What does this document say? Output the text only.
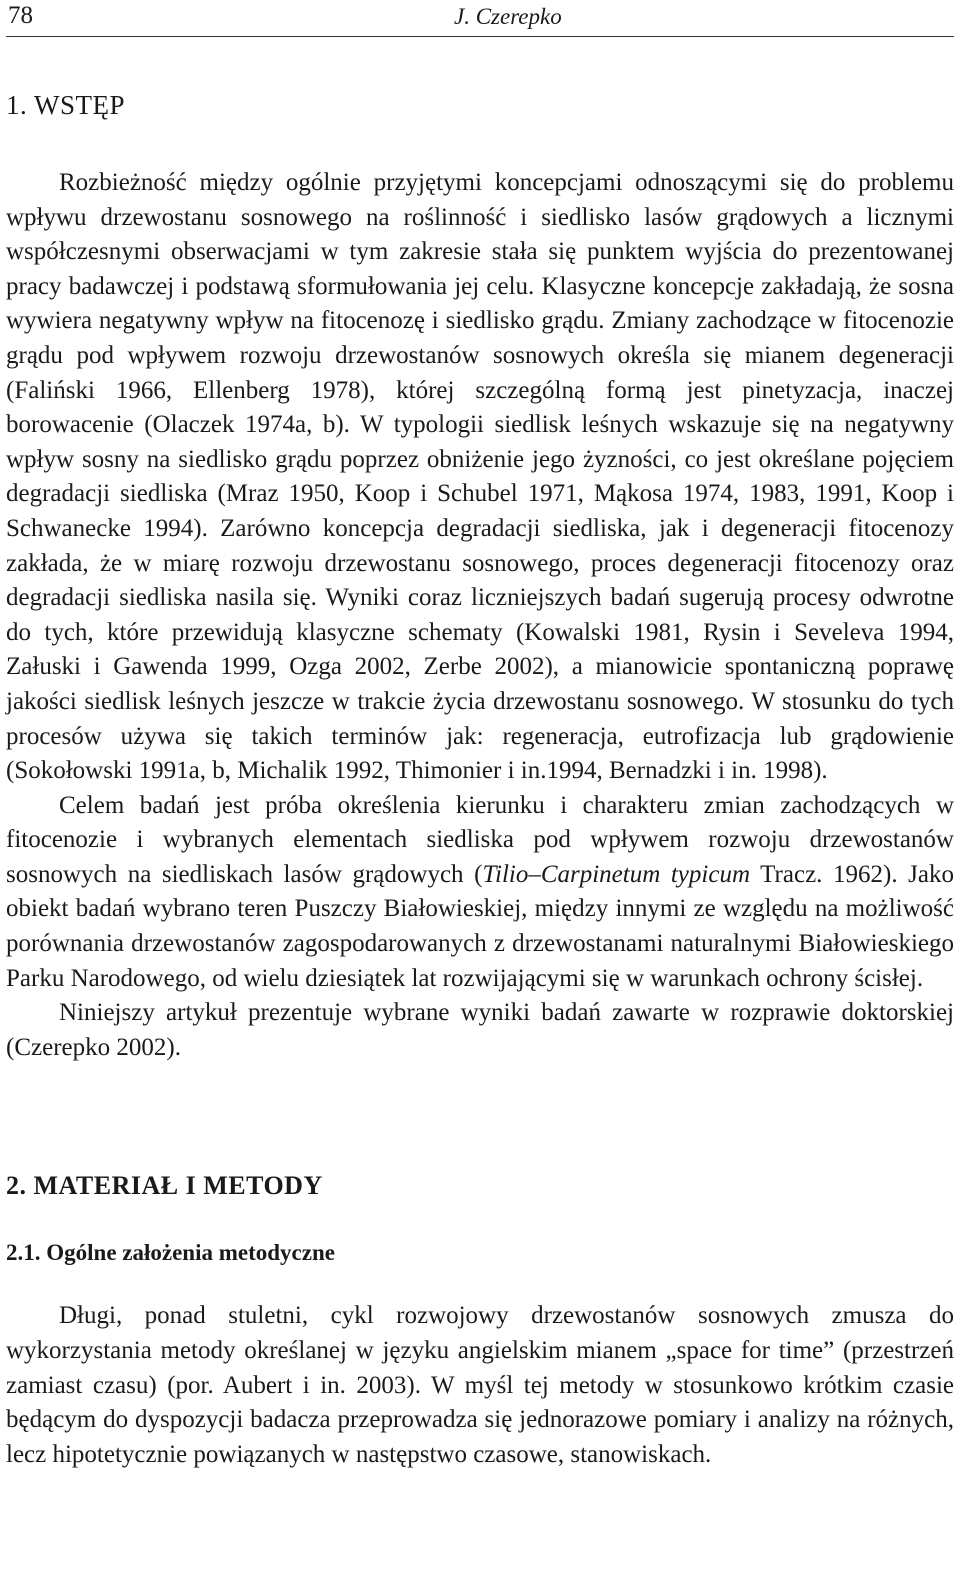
78	J. Czerepko
1. WSTĘP

Rozbieżność między ogólnie przyjętymi koncepcjami odnoszącymi się do problemu wpływu drzewostanu sosnowego na roślinność i siedlisko lasów grądowych a licznymi współczesnymi obserwacjami w tym zakresie stała się punktem wyjścia do prezentowanej pracy badawczej i podstawą sformułowania jej celu. Klasyczne koncepcje zakładają, że sosna wywiera negatywny wpływ na fitocenozę i siedlisko grądu. Zmiany zachodzące w fitocenozie grądu pod wpływem rozwoju drzewostanów sosnowych określa się mianem degeneracji (Faliński 1966, Ellenberg 1978), której szczególną formą jest pinetyzacja, inaczej borowacenie (Olaczek 1974a, b). W typologii siedlisk leśnych wskazuje się na negatywny wpływ sosny na siedlisko grądu poprzez obniżenie jego żyzności, co jest określane pojęciem degradacji siedliska (Mraz 1950, Koop i Schubel 1971, Mąkosa 1974, 1983, 1991, Koop i Schwanecke 1994). Zarówno koncepcja degradacji siedliska, jak i degeneracji fitocenozy zakłada, że w miarę rozwoju drzewostanu sosnowego, proces degeneracji fitocenozy oraz degradacji siedliska nasila się. Wyniki coraz liczniejszych badań sugerują procesy odwrotne do tych, które przewidują klasyczne schematy (Kowalski 1981, Rysin i Seveleva 1994, Załuski i Gawenda 1999, Ozga 2002, Zerbe 2002), a mianowicie spontaniczną poprawę jakości siedlisk leśnych jeszcze w trakcie życia drzewostanu sosnowego. W stosunku do tych procesów używa się takich terminów jak: regeneracja, eutrofizacja lub grądowienie (Sokołowski 1991a, b, Michalik 1992, Thimonier i in.1994, Bernadzki i in. 1998).

Celem badań jest próba określenia kierunku i charakteru zmian zachodzących w fitocenozie i wybranych elementach siedliska pod wpływem rozwoju drzewostanów sosnowych na siedliskach lasów grądowych (Tilio–Carpinetum typicum Tracz. 1962). Jako obiekt badań wybrano teren Puszczy Białowieskiej, między innymi ze względu na możliwość porównania drzewostanów zagospodarowanych z drzewostanami naturalnymi Białowieskiego Parku Narodowego, od wielu dziesiątek lat rozwijającymi się w warunkach ochrony ścisłej.

Niniejszy artykuł prezentuje wybrane wyniki badań zawarte w rozprawie doktorskiej (Czerepko 2002).

2. MATERIAŁ I METODY
2.1. Ogólne założenia metodyczne

Długi, ponad stuletni, cykl rozwojowy drzewostanów sosnowych zmusza do wykorzystania metody określanej w języku angielskim mianem „space for time” (przestrzeń zamiast czasu) (por. Aubert i in. 2003). W myśl tej metody w stosunkowo krótkim czasie będącym do dyspozycji badacza przeprowadza się jednorazowe pomiary i analizy na różnych, lecz hipotetycznie powiązanych w następstwo czasowe, stanowiskach.
